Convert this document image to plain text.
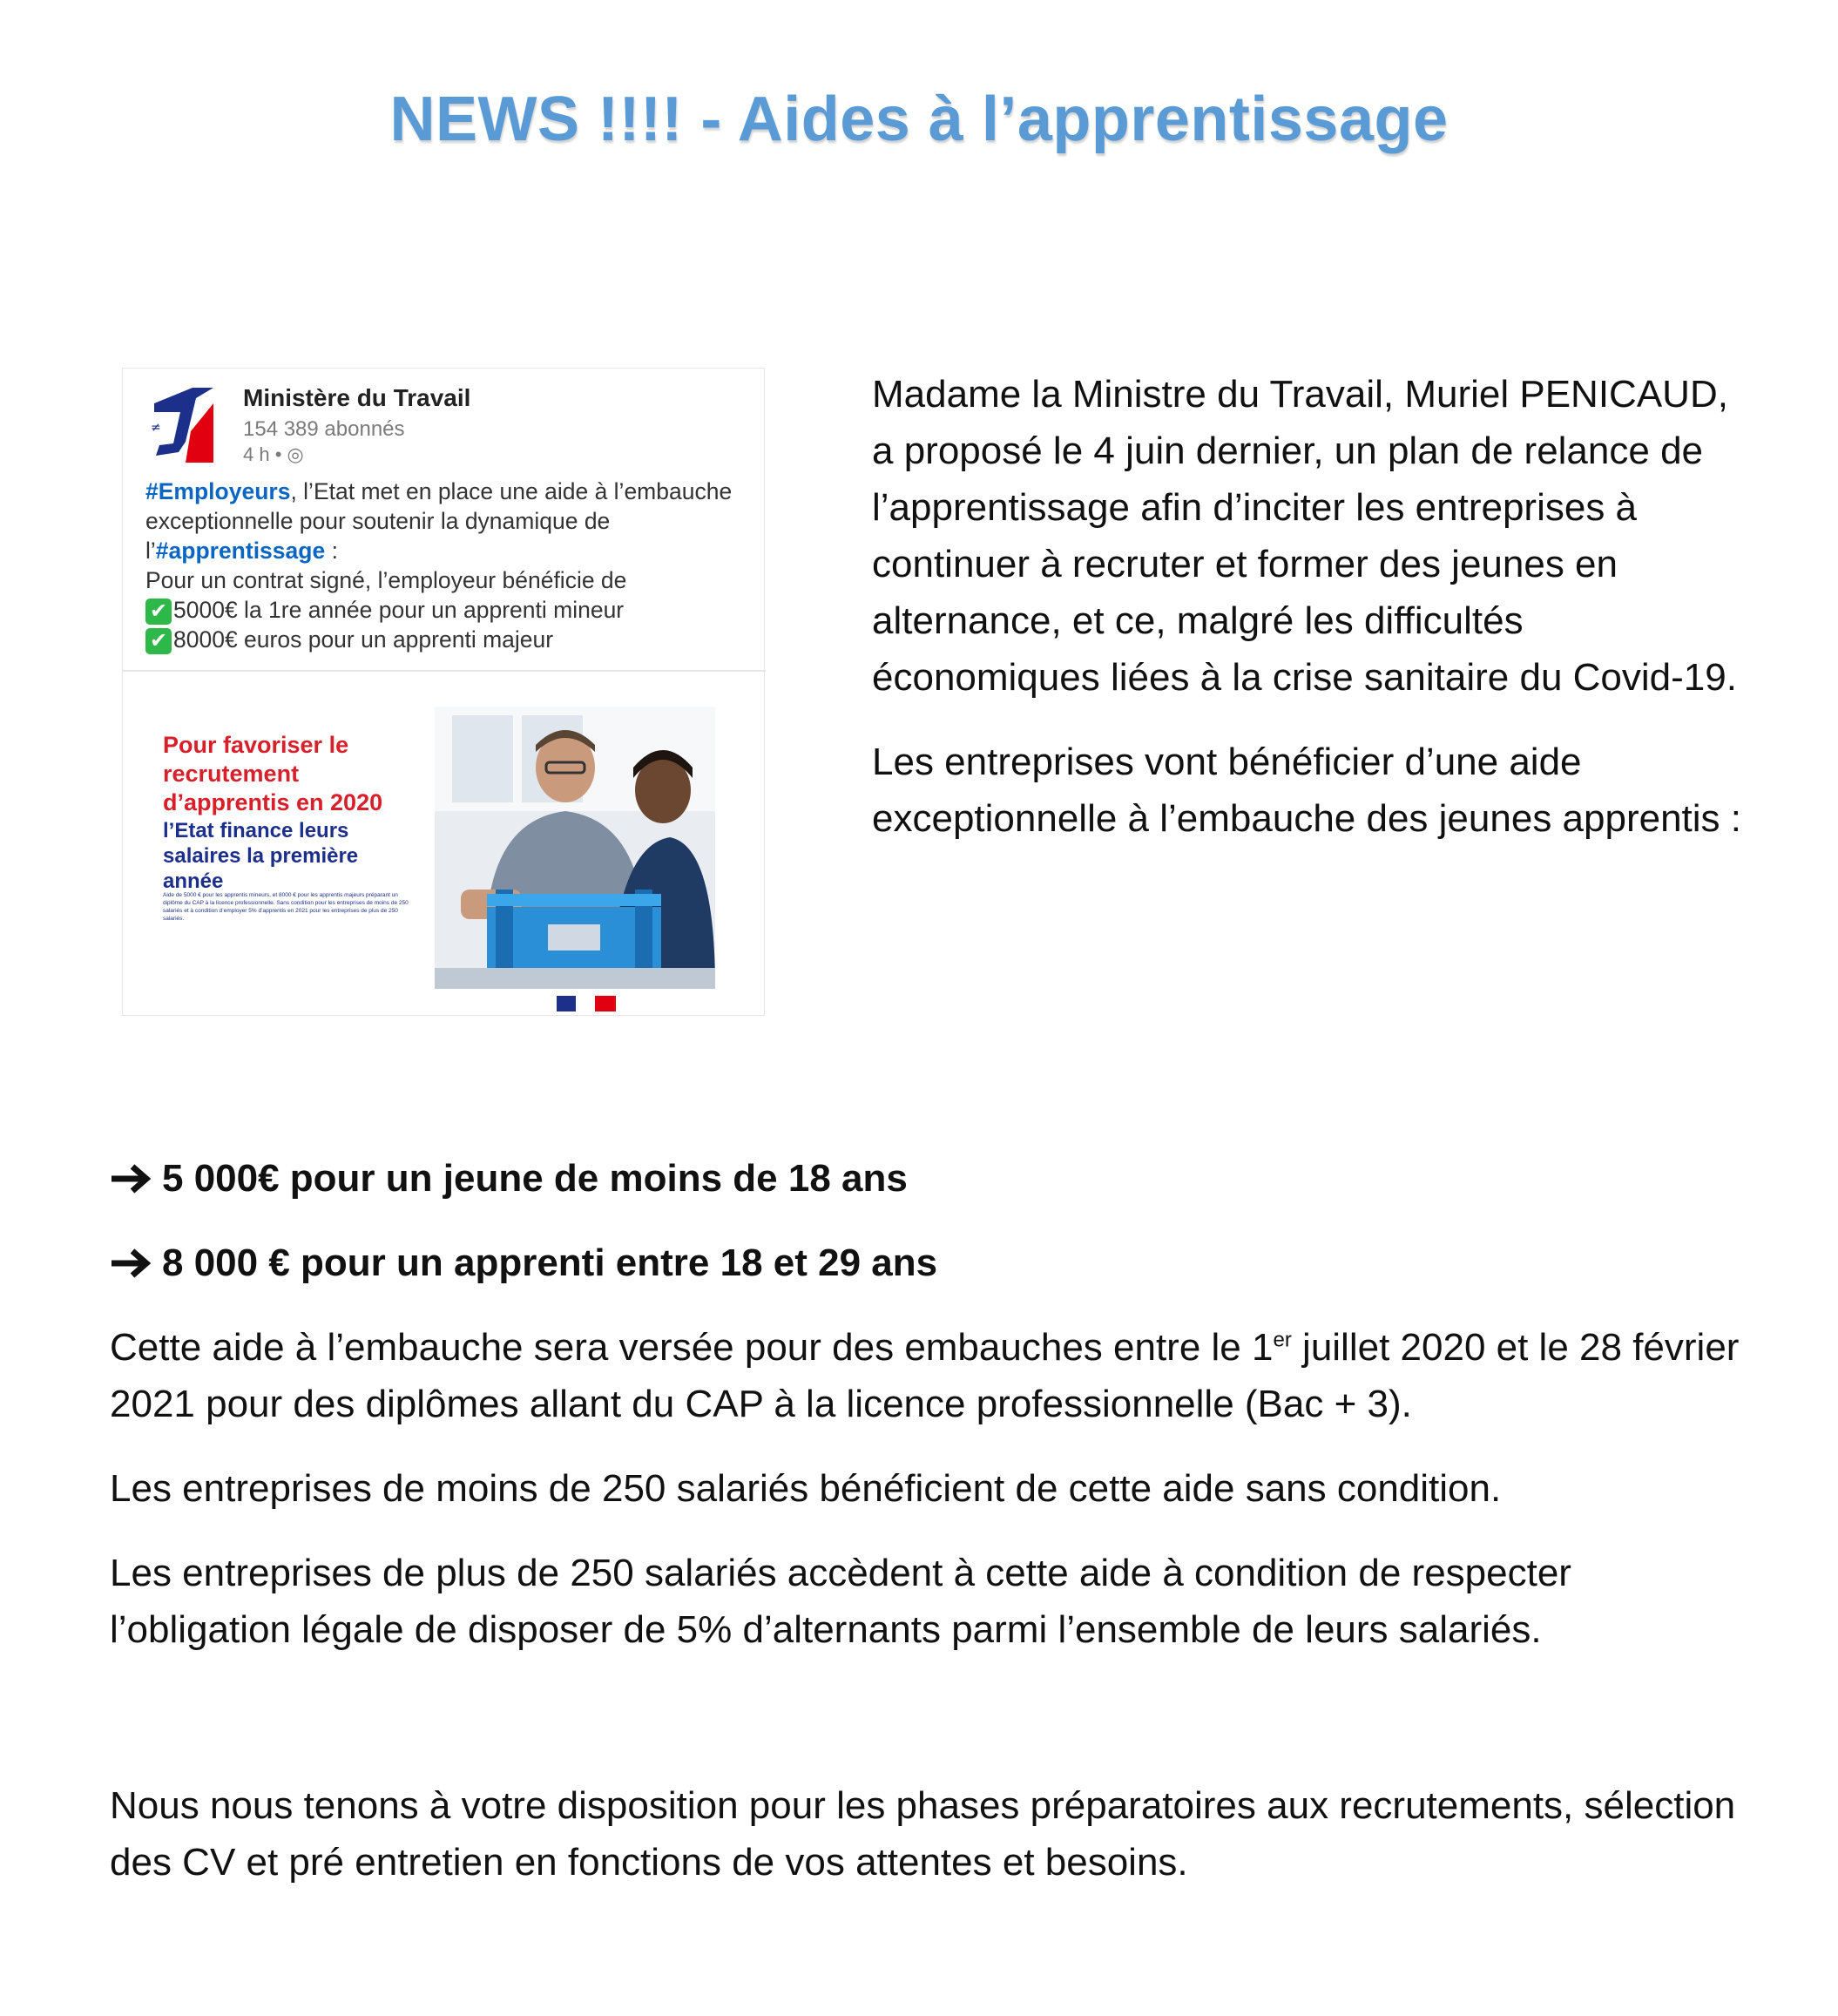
NEWS !!!! - Aides à l’apprentissage
≠
Ministère du Travail
154 389 abonnés
4 h • ◎
#Employeurs, l’Etat met en place une aide à l’embauche exceptionnelle pour soutenir la dynamique de l’#apprentissage :
Pour un contrat signé, l’employeur bénéficie de
✔ 5000€ la 1re année pour un apprenti mineur
✔ 8000€ euros pour un apprenti majeur
Pour favoriser le recrutement d’apprentis en 2020
l’Etat finance leurs salaires la première année
Aide de 5000 € pour les apprentis mineurs, et 8000 € pour les apprentis majeurs préparant un diplôme du CAP à la licence professionnelle. Sans condition pour les entreprises de moins de 250 salariés et à condition d’employer 5% d’apprentis en 2021 pour les entreprises de plus de 250 salariés.

Madame la Ministre du Travail, Muriel PENICAUD, a proposé le 4 juin dernier, un plan de relance de l’apprentissage afin d’inciter les entreprises à continuer à recruter et former des jeunes en alternance, et ce, malgré les difficultés économiques liées à la crise sanitaire du Covid-19.

Les entreprises vont bénéficier d’une aide exceptionnelle à l’embauche des jeunes apprentis :

5 000€ pour un jeune de moins de 18 ans

8 000 € pour un apprenti entre 18 et 29 ans

Cette aide à l’embauche sera versée pour des embauches entre le 1er juillet 2020 et le 28 février 2021 pour des diplômes allant du CAP à la licence professionnelle (Bac + 3).

Les entreprises de moins de 250 salariés bénéficient de cette aide sans condition.

Les entreprises de plus de 250 salariés accèdent à cette aide à condition de respecter l’obligation légale de disposer de 5% d’alternants parmi l’ensemble de leurs salariés.

Nous nous tenons à votre disposition pour les phases préparatoires aux recrutements, sélection des CV et pré entretien en fonctions de vos attentes et besoins.
